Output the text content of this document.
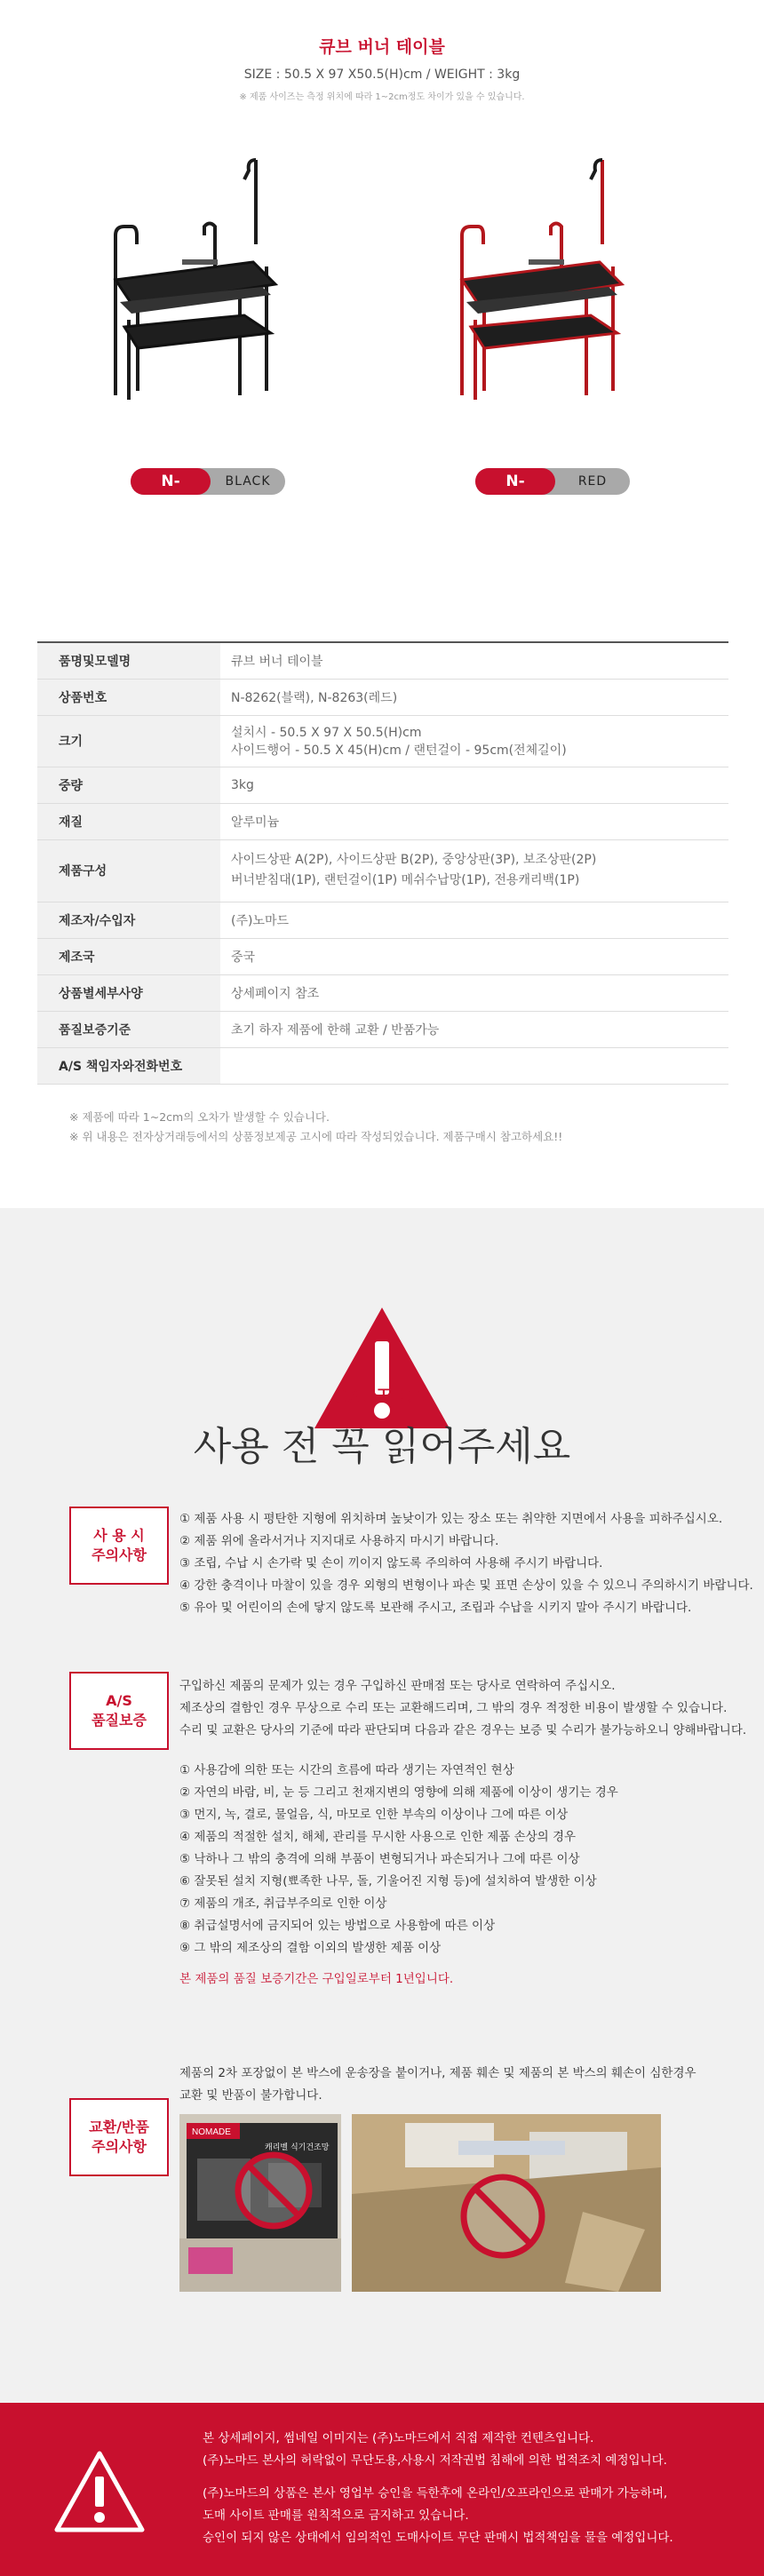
큐브 버너 테이블
SIZE : 50.5 X 97 X50.5(H)cm / WEIGHT : 3kg
※ 제품 사이즈는 측정 위치에 따라 1~2cm정도 차이가 있을 수 있습니다.
N-8262
BLACK	N-8263
RED
품명및모델명	큐브 버너 테이블
상품번호	N-8262(블랙), N-8263(레드)
크기	설치시 - 50.5 X 97 X 50.5(H)cm
사이드행어 - 50.5 X 45(H)cm / 랜턴걸이 - 95cm(전체길이)

중량	3kg
재질	알루미늄
제품구성	사이드상판 A(2P), 사이드상판 B(2P), 중앙상판(3P), 보조상판(2P)
버너받침대(1P), 랜턴걸이(1P) 메쉬수납망(1P), 전용캐리백(1P)

제조자/수입자	(주)노마드
제조국	중국
상품별세부사양	상세페이지 참조
품질보증기준	초기 하자 제품에 한해 교환 / 반품가능
A/S 책임자와전화번호	
※ 제품에 따라 1~2cm의 오차가 발생할 수 있습니다.
※ 위 내용은 전자상거래등에서의 상품정보제공 고시에 따라 작성되었습니다. 제품구매시 참고하세요!!
CAUTION
사용 전 꼭 읽어주세요
사 용 시
주의사항
① 제품 사용 시 평탄한 지형에 위치하며 높낮이가 있는 장소 또는 취약한 지면에서 사용을 피하주십시오.
② 제품 위에 올라서거나 지지대로 사용하지 마시기 바랍니다.
③ 조립, 수납 시 손가락 및 손이 끼이지 않도록 주의하여 사용해 주시기 바랍니다.
④ 강한 충격이나 마찰이 있을 경우 외형의 변형이나 파손 및 표면 손상이 있을 수 있으니 주의하시기 바랍니다.
⑤ 유아 및 어린이의 손에 닿지 않도록 보관해 주시고, 조립과 수납을 시키지 말아 주시기 바랍니다.
A/S
품질보증
구입하신 제품의 문제가 있는 경우 구입하신 판매점 또는 당사로 연락하여 주십시오.
제조상의 결함인 경우 무상으로 수리 또는 교환해드리며, 그 밖의 경우 적정한 비용이 발생할 수 있습니다.
수리 및 교환은 당사의 기준에 따라 판단되며 다음과 같은 경우는 보증 및 수리가 불가능하오니 양해바랍니다.
① 사용감에 의한 또는 시간의 흐름에 따라 생기는 자연적인 현상
② 자연의 바람, 비, 눈 등 그리고 천재지변의 영향에 의해 제품에 이상이 생기는 경우
③ 먼지, 녹, 결로, 물얼음, 식, 마모로 인한 부속의 이상이나 그에 따른 이상
④ 제품의 적절한 설치, 해체, 관리를 무시한 사용으로 인한 제품 손상의 경우
⑤ 낙하나 그 밖의 충격에 의해 부품이 변형되거나 파손되거나 그에 따른 이상
⑥ 잘못된 설치 지형(뾰족한 나무, 돌, 기울어진 지형 등)에 설치하여 발생한 이상
⑦ 제품의 개조, 취급부주의로 인한 이상
⑧ 취급설명서에 금지되어 있는 방법으로 사용함에 따른 이상
⑨ 그 밖의 제조상의 결함 이외의 발생한 제품 이상
본 제품의 품질 보증기간은 구입일로부터 1년입니다.
교환/반품
주의사항
제품의 2차 포장없이 본 박스에 운송장을 붙이거나, 제품 훼손 및 제품의 본 박스의 훼손이 심한경우
교환 및 반품이 불가합니다.
NOMADE
캐리벨 식기건조망
본 상세페이지, 썸네일 이미지는 (주)노마드에서 직접 제작한 컨텐츠입니다.
(주)노마드 본사의 허락없이 무단도용,사용시 저작권법 침해에 의한 법적조치 예정입니다.
(주)노마드의 상품은 본사 영업부 승인을 득한후에 온라인/오프라인으로 판매가 가능하며,
도매 사이트 판매를 원칙적으로 금지하고 있습니다.
승인이 되지 않은 상태에서 임의적인 도매사이트 무단 판매시 법적책임을 물을 예정입니다.
